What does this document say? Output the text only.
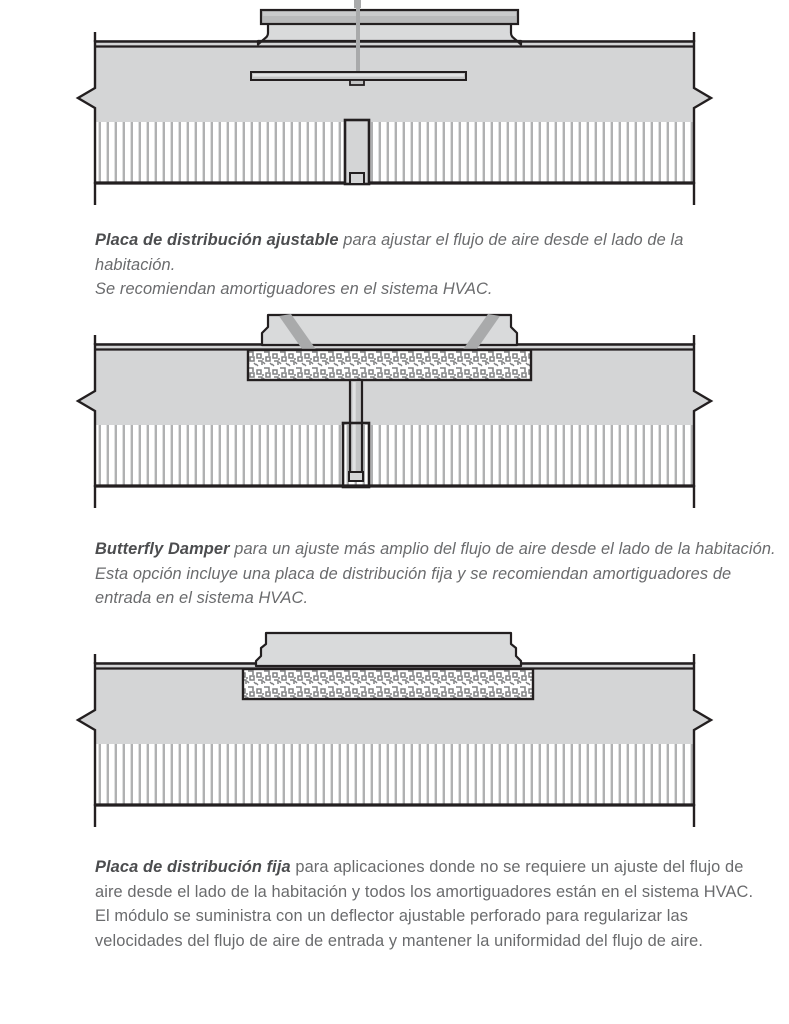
Placa de distribución ajustable para ajustar el flujo de aire desde el lado de la habitación.
Se recomiendan amortiguadores en el sistema HVAC.

Butterfly Damper para un ajuste más amplio del flujo de aire desde el lado de la habitación. Esta opción incluye una placa de distribución fija y se recomiendan amortiguadores de entrada en el sistema HVAC.

Placa de distribución fija para aplicaciones donde no se requiere un ajuste del flujo de aire desde el lado de la habitación y todos los amortiguadores están en el sistema HVAC. El módulo se suministra con un deflector ajustable perforado para regularizar las velocidades del flujo de aire de entrada y mantener la uniformidad del flujo de aire.
